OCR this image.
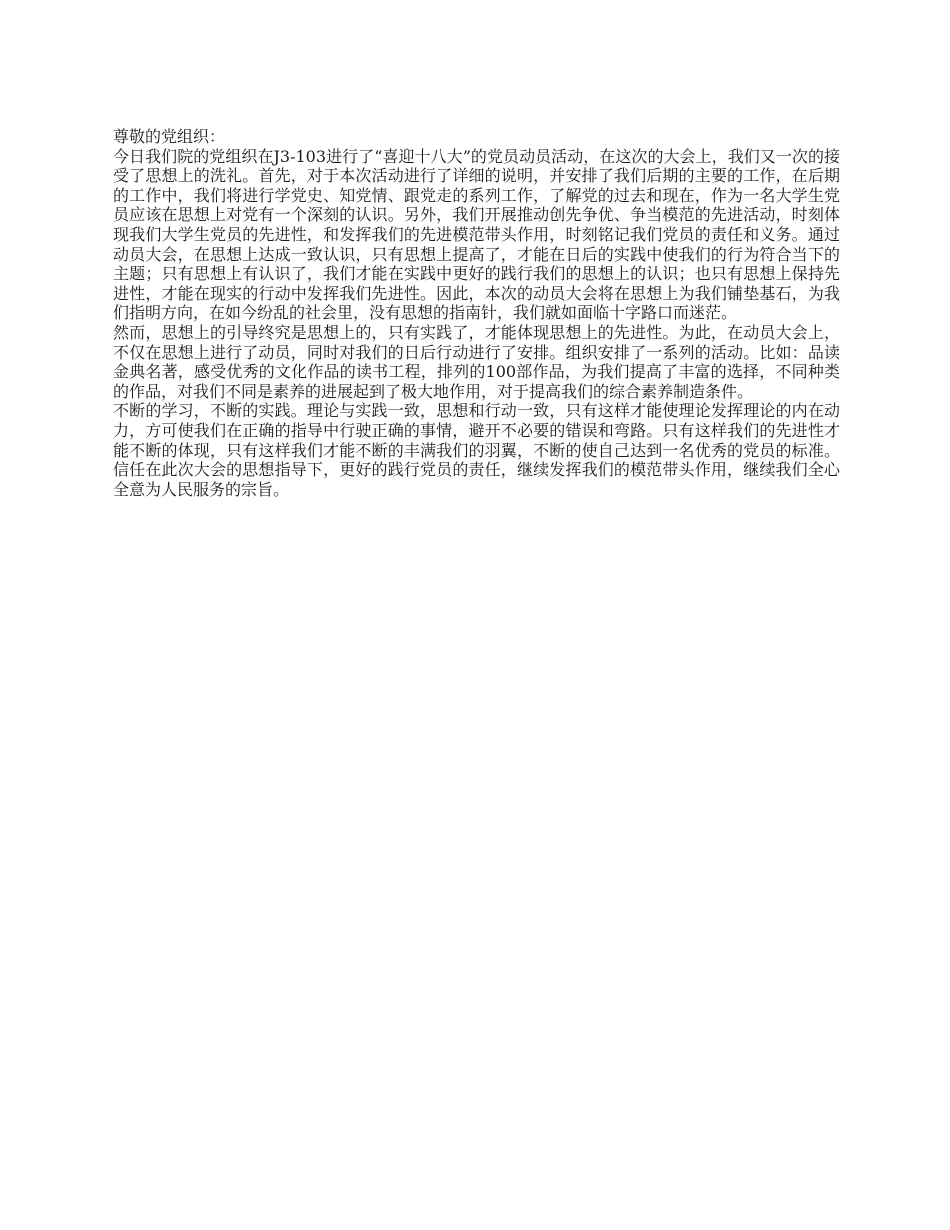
尊敬的党组织：

今日我们院的党组织在J3-103进行了“喜迎十八大”的党员动员活动，在这次的大会上，我们又一次的接受了思想上的洗礼。首先，对于本次活动进行了详细的说明，并安排了我们后期的主要的工作，在后期的工作中，我们将进行学党史、知党情、跟党走的系列工作，了解党的过去和现在，作为一名大学生党员应该在思想上对党有一个深刻的认识。另外，我们开展推动创先争优、争当模范的先进活动，时刻体现我们大学生党员的先进性，和发挥我们的先进模范带头作用，时刻铭记我们党员的责任和义务。通过动员大会，在思想上达成一致认识，只有思想上提高了，才能在日后的实践中使我们的行为符合当下的主题；只有思想上有认识了，我们才能在实践中更好的践行我们的思想上的认识；也只有思想上保持先进性，才能在现实的行动中发挥我们先进性。因此，本次的动员大会将在思想上为我们铺垫基石，为我们指明方向，在如今纷乱的社会里，没有思想的指南针，我们就如面临十字路口而迷茫。

然而，思想上的引导终究是思想上的，只有实践了，才能体现思想上的先进性。为此，在动员大会上，不仅在思想上进行了动员，同时对我们的日后行动进行了安排。组织安排了一系列的活动。比如：品读金典名著，感受优秀的文化作品的读书工程，排列的100部作品，为我们提高了丰富的选择，不同种类的作品，对我们不同是素养的进展起到了极大地作用，对于提高我们的综合素养制造条件。

不断的学习，不断的实践。理论与实践一致，思想和行动一致，只有这样才能使理论发挥理论的内在动力，方可使我们在正确的指导中行驶正确的事情，避开不必要的错误和弯路。只有这样我们的先进性才能不断的体现，只有这样我们才能不断的丰满我们的羽翼，不断的使自己达到一名优秀的党员的标准。信任在此次大会的思想指导下，更好的践行党员的责任，继续发挥我们的模范带头作用，继续我们全心全意为人民服务的宗旨。
